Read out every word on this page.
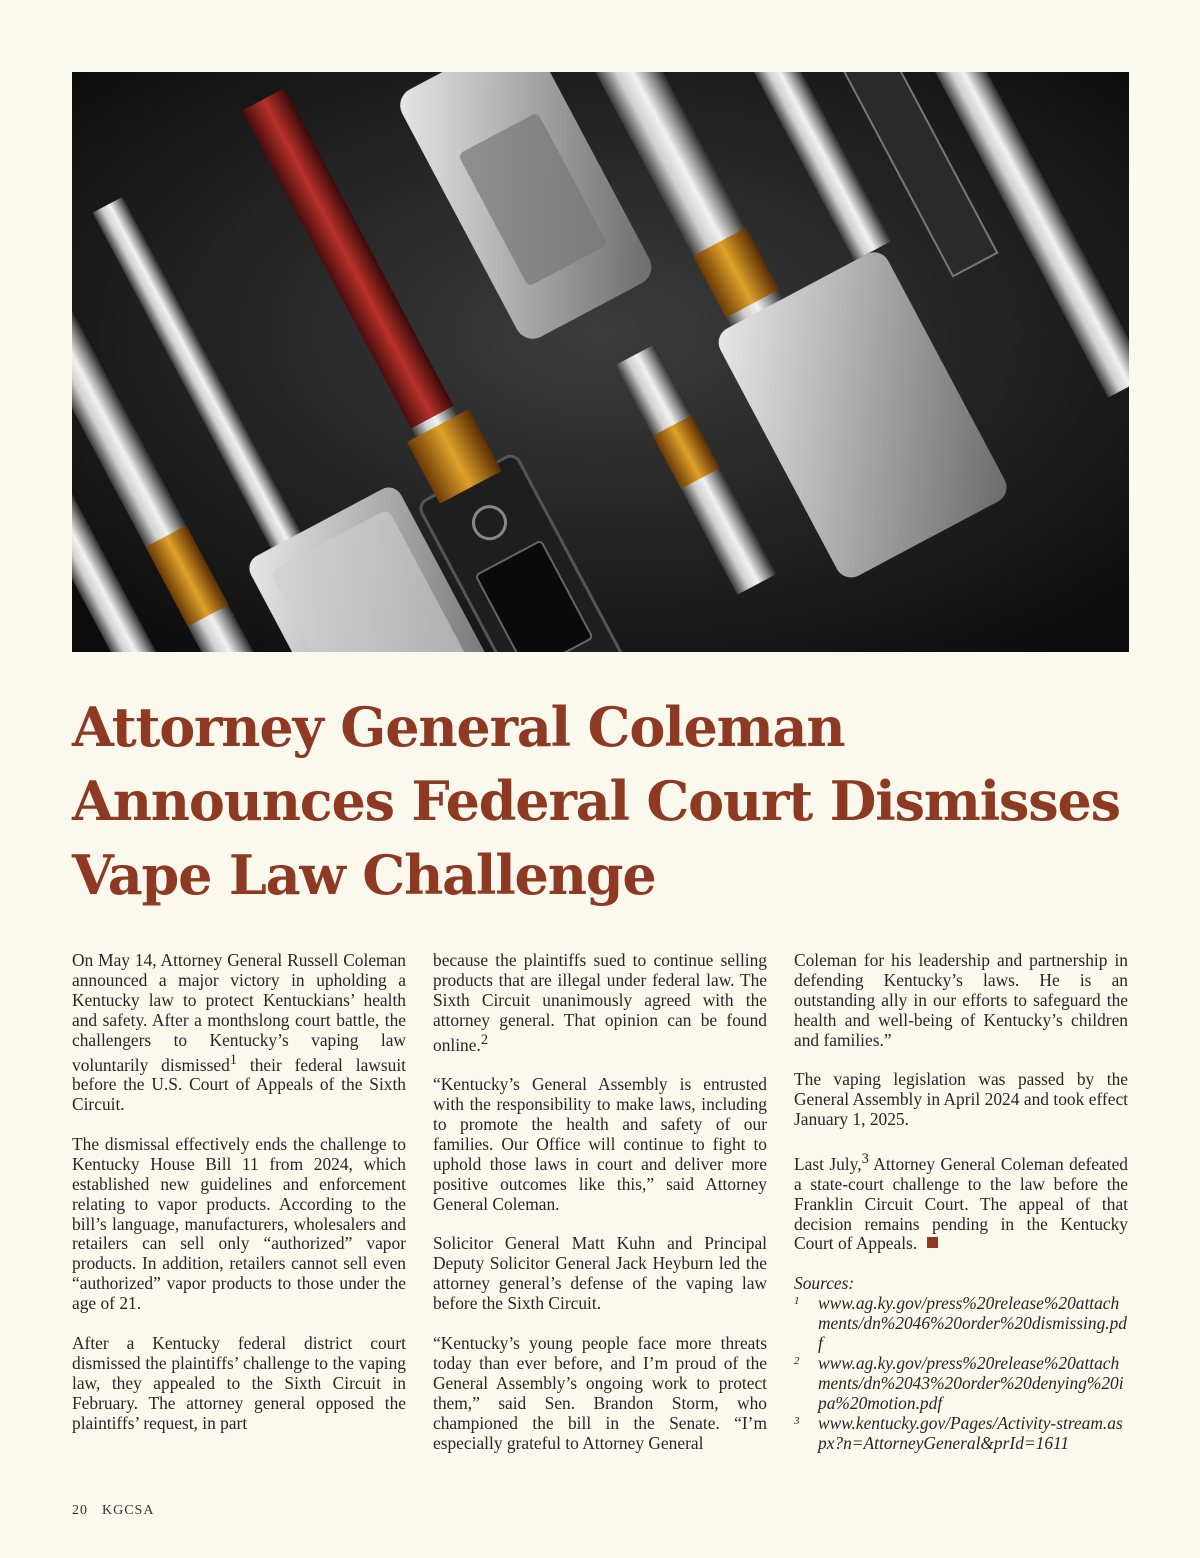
Attorney General Coleman Announces Federal Court Dismisses Vape Law Challenge

On May 14, Attorney General Russell Coleman announced a major victory in upholding a Kentucky law to protect Kentuckians’ health and safety. After a monthslong court battle, the challengers to Kentucky’s vaping law voluntarily dismissed$^1$ their federal lawsuit before the U.S. Court of Appeals of the Sixth Circuit.

The dismissal effectively ends the challenge to Kentucky House Bill 11 from 2024, which established new guidelines and enforcement relating to vapor products. According to the bill’s language, manufacturers, wholesalers and retailers can sell only “authorized” vapor products. In addition, retailers cannot sell even “authorized” vapor products to those under the age of 21.

After a Kentucky federal district court dismissed the plaintiffs’ challenge to the vaping law, they appealed to the Sixth Circuit in February. The attorney general opposed the plaintiffs’ request, in part

because the plaintiffs sued to continue selling products that are illegal under federal law. The Sixth Circuit unanimously agreed with the attorney general. That opinion can be found online.$^2$

“Kentucky’s General Assembly is entrusted with the responsibility to make laws, including to promote the health and safety of our families. Our Office will continue to fight to uphold those laws in court and deliver more positive outcomes like this,” said Attorney General Coleman.

Solicitor General Matt Kuhn and Principal Deputy Solicitor General Jack Heyburn led the attorney general’s defense of the vaping law before the Sixth Circuit.

“Kentucky’s young people face more threats today than ever before, and I’m proud of the General Assembly’s ongoing work to protect them,” said Sen. Brandon Storm, who championed the bill in the Senate. “I’m especially grateful to Attorney General

Coleman for his leadership and partnership in defending Kentucky’s laws. He is an outstanding ally in our efforts to safeguard the health and well-being of Kentucky’s children and families.”

The vaping legislation was passed by the General Assembly in April 2024 and took effect January 1, 2025.

Last July,$^3$ Attorney General Coleman defeated a state-court challenge to the law before the Franklin Circuit Court. The appeal of that decision remains pending in the Kentucky Court of Appeals.

Sources:
1	www.ag.ky.gov/press%20release%20attachments/dn%2046%20order%20dismissing.pdf
2	www.ag.ky.gov/press%20release%20attachments/dn%2043%20order%20denying%20ipa%20motion.pdf
3	www.kentucky.gov/Pages/Activity-stream.aspx?n=AttorneyGeneral&prId=1611
20 KGCSA
